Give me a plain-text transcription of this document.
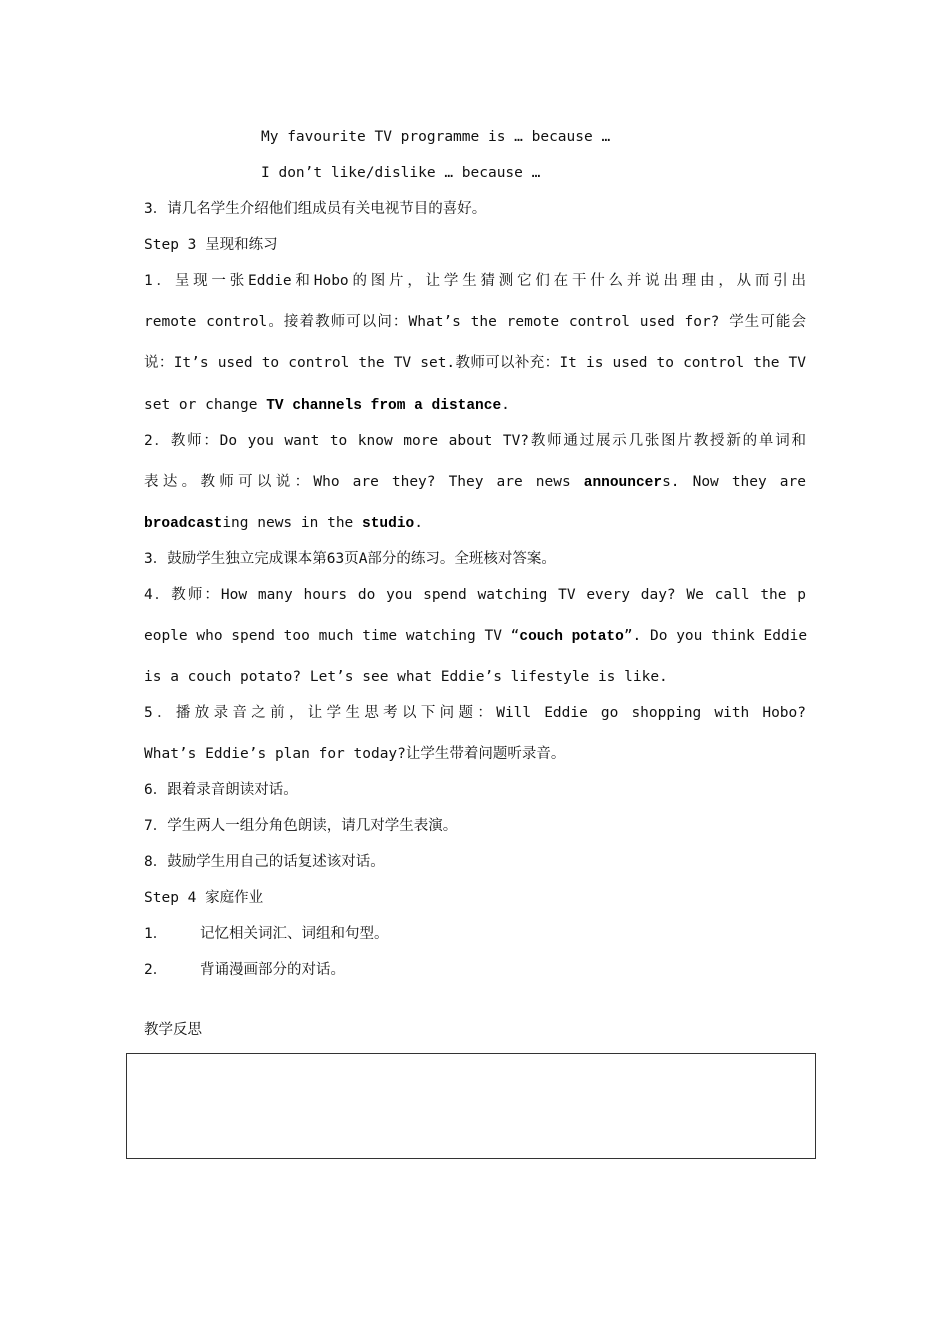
My favourite TV programme is … because …
I don’t like/dislike … because …
3．请几名学生介绍他们组成员有关电视节目的喜好。
Step 3 呈现和练习
1．呈现一张Eddie和Hobo的图片，让学生猜测它们在干什么并说出理由，从而引出
remote control。接着教师可以问：What’s the remote control used for? 学生可能会
说：It’s used to control the TV set.教师可以补充：It is used to control the TV
set or change TV channels from a distance.
2．教师：Do you want to know more about TV?教师通过展示几张图片教授新的单词和
表达。教师可以说：Who are they? They are news announcers. Now they are
broadcasting news in the studio.
3．鼓励学生独立完成课本第63页A部分的练习。全班核对答案。
4．教师：How many hours do you spend watching TV every day? We call the p
eople who spend too much time watching TV “couch potato”. Do you think Eddie
is a couch potato? Let’s see what Eddie’s lifestyle is like.
5．播放录音之前，让学生思考以下问题：Will Eddie go shopping with Hobo?
What’s Eddie’s plan for today?让学生带着问题听录音。
6．跟着录音朗读对话。
7．学生两人一组分角色朗读，请几对学生表演。
8．鼓励学生用自己的话复述该对话。
Step 4 家庭作业
1． 记忆相关词汇、词组和句型。
2． 背诵漫画部分的对话。
教学反思
